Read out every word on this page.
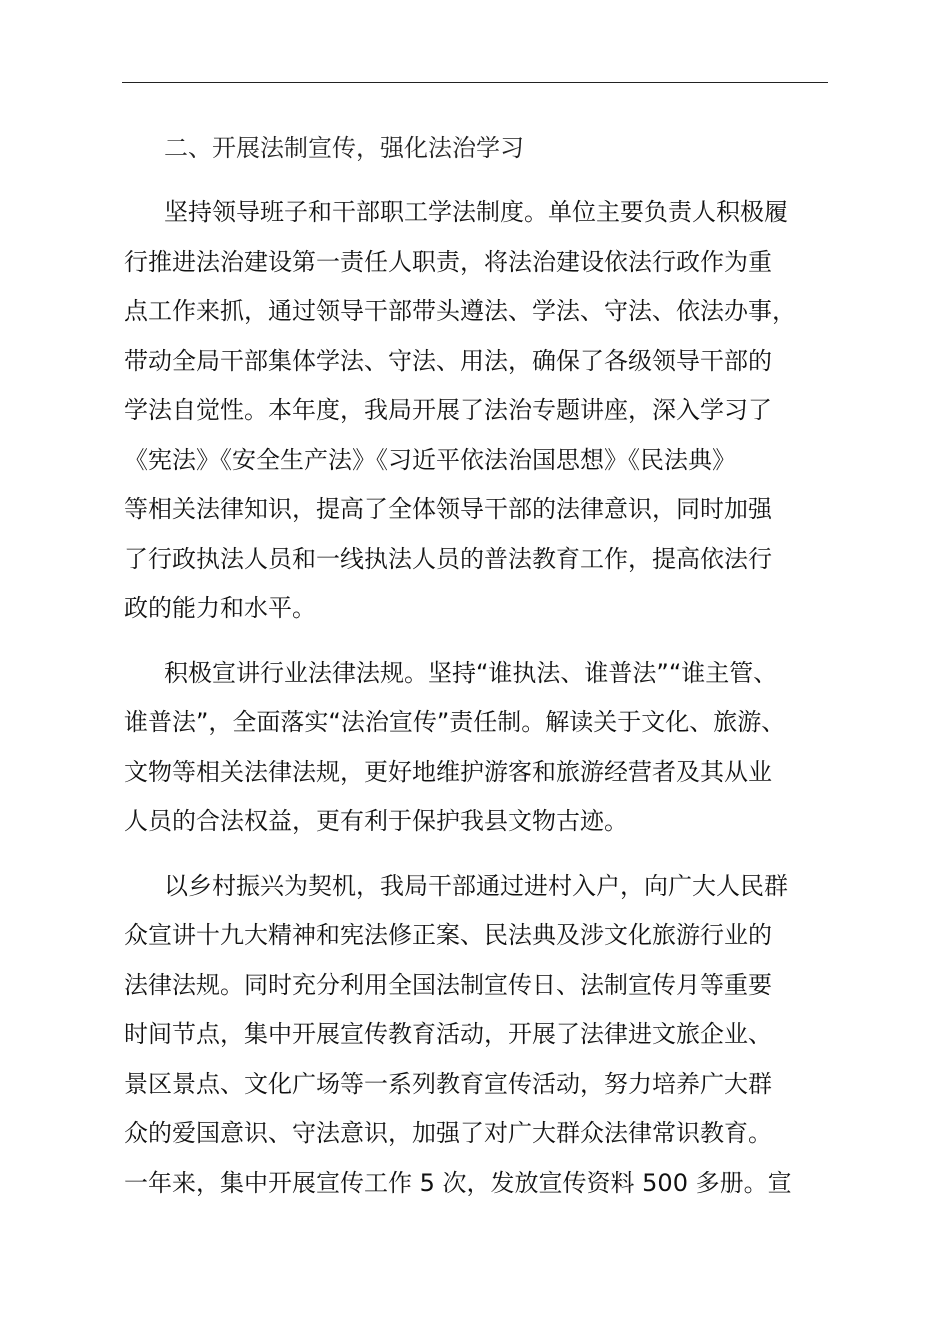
二、开展法制宣传，强化法治学习
坚持领导班子和干部职工学法制度。单位主要负责人积极履
行推进法治建设第一责任人职责，将法治建设依法行政作为重
点工作来抓，通过领导干部带头遵法、学法、守法、依法办事，
带动全局干部集体学法、守法、用法，确保了各级领导干部的
学法自觉性。本年度，我局开展了法治专题讲座，深入学习了
《宪法》《安全生产法》《习近平依法治国思想》《民法典》
等相关法律知识，提高了全体领导干部的法律意识，同时加强
了行政执法人员和一线执法人员的普法教育工作，提高依法行
政的能力和水平。
积极宣讲行业法律法规。坚持“谁执法、谁普法”“谁主管、
谁普法”，全面落实“法治宣传”责任制。解读关于文化、旅游、
文物等相关法律法规，更好地维护游客和旅游经营者及其从业
人员的合法权益，更有利于保护我县文物古迹。
以乡村振兴为契机，我局干部通过进村入户，向广大人民群
众宣讲十九大精神和宪法修正案、民法典及涉文化旅游行业的
法律法规。同时充分利用全国法制宣传日、法制宣传月等重要
时间节点，集中开展宣传教育活动，开展了法律进文旅企业、
景区景点、文化广场等一系列教育宣传活动，努力培养广大群
众的爱国意识、守法意识，加强了对广大群众法律常识教育。
一年来，集中开展宣传工作 5 次，发放宣传资料 500 多册。宣
